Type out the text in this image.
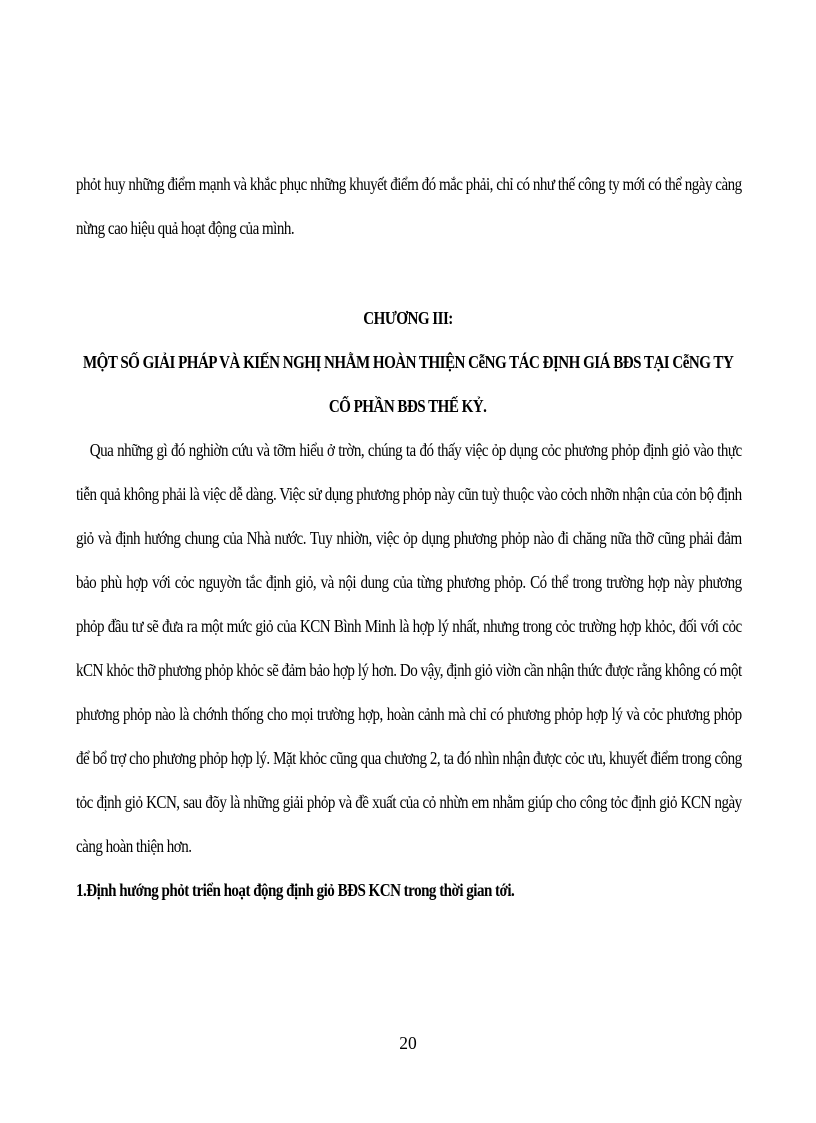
phỏt huy những điểm mạnh và khắc phục những khuyết điểm đó mắc phải, chỉ có như thế công ty mới có thể ngày càng nừng cao hiệu quả hoạt động của mình.

CHƯƠNG III:
MỘT SỐ GIẢI PHÁP VÀ KIẾN NGHỊ NHẰM HOÀN THIỆN CễNG TÁC ĐỊNH GIÁ BĐS TẠI CễNG TY
CỔ PHẦN BĐS THẾ KỶ.

Qua những gì đó nghiờn cứu và tỡm hiểu ở trờn, chúng ta đó thấy việc ỏp dụng cỏc phương phỏp định giỏ vào thực tiễn quả không phải là việc dễ dàng. Việc sử dụng phương phỏp này cũn tuỳ thuộc vào cỏch nhỡn nhận của cỏn bộ định giỏ và định hướng chung của Nhà nước. Tuy nhiờn, việc ỏp dụng phương phỏp nào đi chăng nữa thỡ cũng phải đảm bảo phù hợp với cỏc nguyờn tắc định giỏ, và nội dung của từng phương phỏp. Có thể trong trường hợp này phương phỏp đầu tư sẽ đưa ra một mức giỏ của KCN Bình Minh là hợp lý nhất, nhưng trong cỏc trường hợp khỏc, đối với cỏc kCN khỏc thỡ phương phỏp khỏc sẽ đảm bảo hợp lý hơn. Do vậy, định giỏ viờn cần nhận thức được rằng không có một phương phỏp nào là chớnh thống cho mọi trường hợp, hoàn cảnh mà chỉ có phương phỏp hợp lý và cỏc phương phỏp để bổ trợ cho phương phỏp hợp lý. Mặt khỏc cũng qua chương 2, ta đó nhìn nhận được cỏc ưu, khuyết điểm trong công tỏc định giỏ KCN, sau đõy là những giải phỏp và đề xuất của cỏ nhừn em nhằm giúp cho công tỏc định giỏ KCN ngày càng hoàn thiện hơn.

1.Định hướng phỏt triển hoạt động định giỏ BĐS KCN trong thời gian tới.
20
